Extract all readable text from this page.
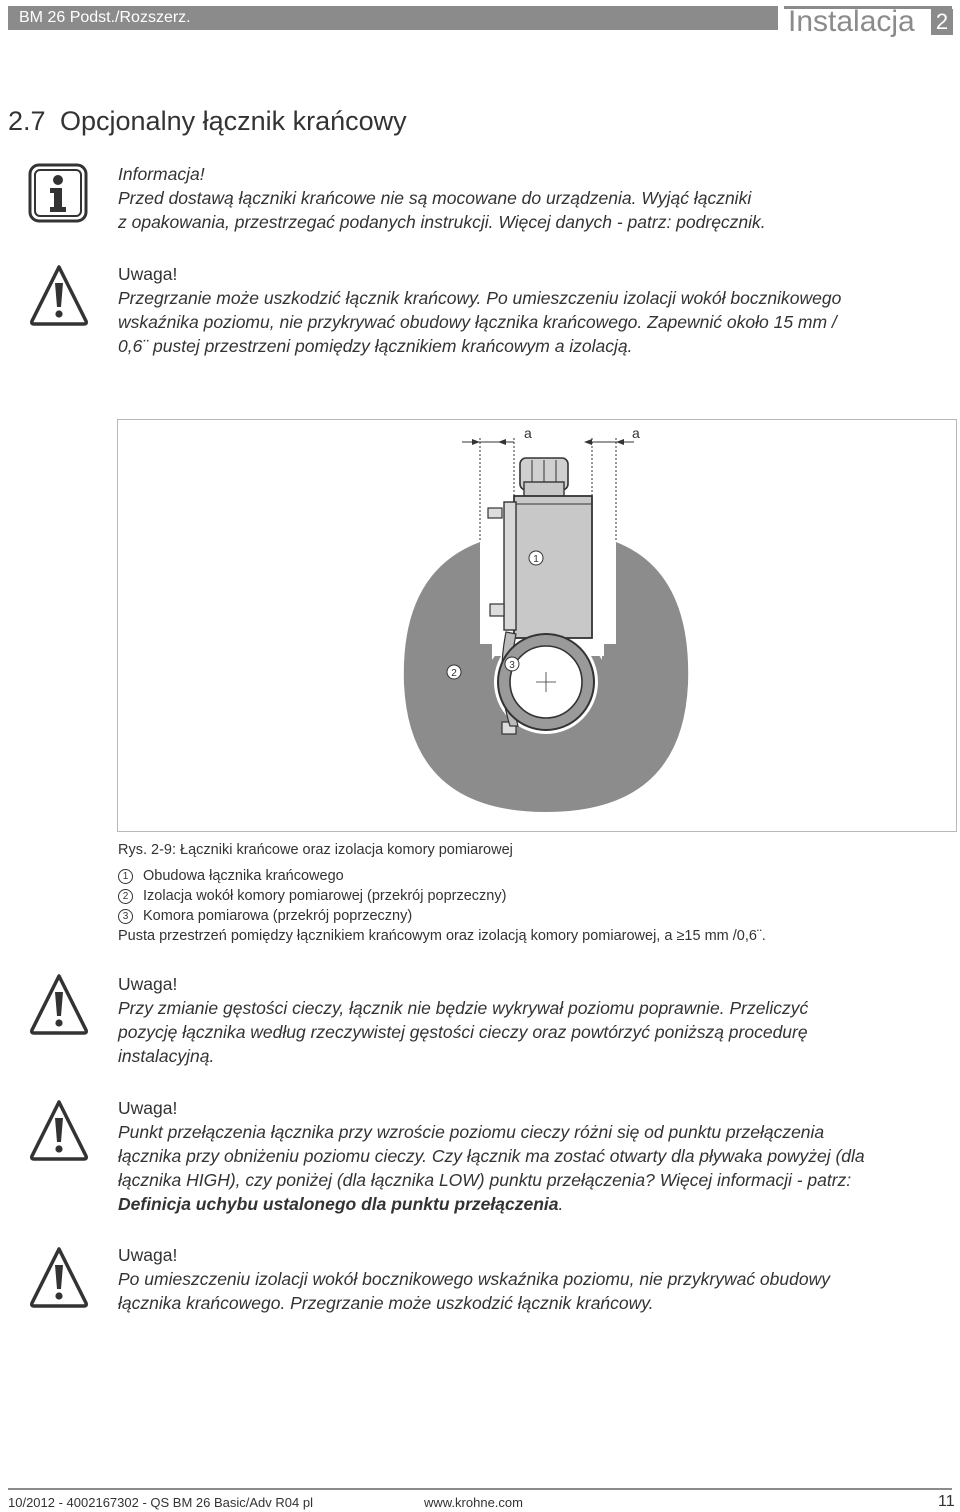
BM 26 Podst./Rozszerz.	Instalacja 2
2.7 Opcjonalny łącznik krańcowy

Informacja!

Przed dostawą łączniki krańcowe nie są mocowane do urządzenia. Wyjąć łączniki

z opakowania, przestrzegać podanych instrukcji. Więcej danych - patrz: podręcznik.

Uwaga!

Przegrzanie może uszkodzić łącznik krańcowy. Po umieszczeniu izolacji wokół bocznikowego

wskaźnika poziomu, nie przykrywać obudowy łącznika krańcowego. Zapewnić około 15 mm /

0,6¨ pustej przestrzeni pomiędzy łącznikiem krańcowym a izolacją.

a	a
1
2
3
Rys. 2-9: Łączniki krańcowe oraz izolacja komory pomiarowej
1 Obudowa łącznika krańcowego
2 Izolacja wokół komory pomiarowej (przekrój poprzeczny)
3 Komora pomiarowa (przekrój poprzeczny)
Pusta przestrzeń pomiędzy łącznikiem krańcowym oraz izolacją komory pomiarowej, a ≥15 mm /0,6¨.

Uwaga!

Przy zmianie gęstości cieczy, łącznik nie będzie wykrywał poziomu poprawnie. Przeliczyć

pozycję łącznika według rzeczywistej gęstości cieczy oraz powtórzyć poniższą procedurę

instalacyjną.

Uwaga!

Punkt przełączenia łącznika przy wzroście poziomu cieczy różni się od punktu przełączenia

łącznika przy obniżeniu poziomu cieczy. Czy łącznik ma zostać otwarty dla pływaka powyżej (dla

łącznika HIGH), czy poniżej (dla łącznika LOW) punktu przełączenia? Więcej informacji - patrz:

Definicja uchybu ustalonego dla punktu przełączenia.

Uwaga!

Po umieszczeniu izolacji wokół bocznikowego wskaźnika poziomu, nie przykrywać obudowy

łącznika krańcowego. Przegrzanie może uszkodzić łącznik krańcowy.

10/2012 - 4002167302 - QS BM 26 Basic/Adv R04 pl	www.krohne.com	11
